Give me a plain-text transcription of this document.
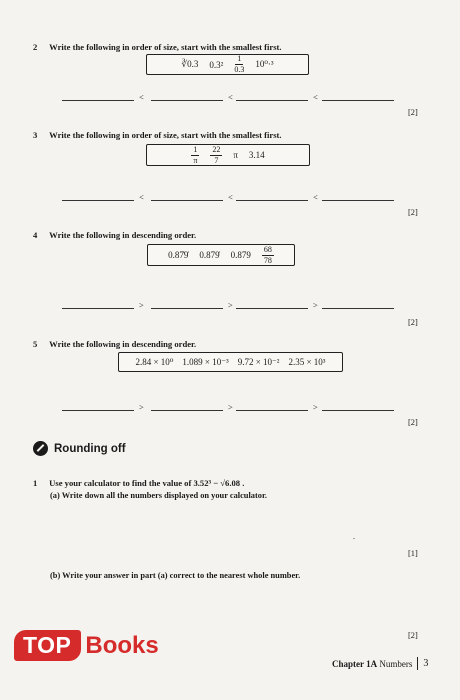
2 Write the following in order of size, start with the smallest first.
∛0.3 $0.3^2 \frac{1}{0.3} 10^0\cdot^3$
<	<	<
[2]
3 Write the following in order of size, start with the smallest first.
$\frac{1}{\pi} \frac{22}{7}$ π 3.14
<	<	<
[2]
4 Write the following in descending order.
0.87̇9̇ 0.879̇ $0.879 \frac{68}{78}$
>	>	>
[2]
5 Write the following in descending order.
2.84 × 10⁰ 1.089 × 10⁻³ 9.72 × 10⁻² 2.35 × 10³
>	>	>
[2]
Rounding off
1 Use your calculator to find the value of 3.52³ − √6.08 .
(a) Write down all the numbers displayed on your calculator.
.
[1]
(b) Write your answer in part (a) correct to the nearest whole number.
[2]
TOP Books
Chapter 1A
Numbers 3
